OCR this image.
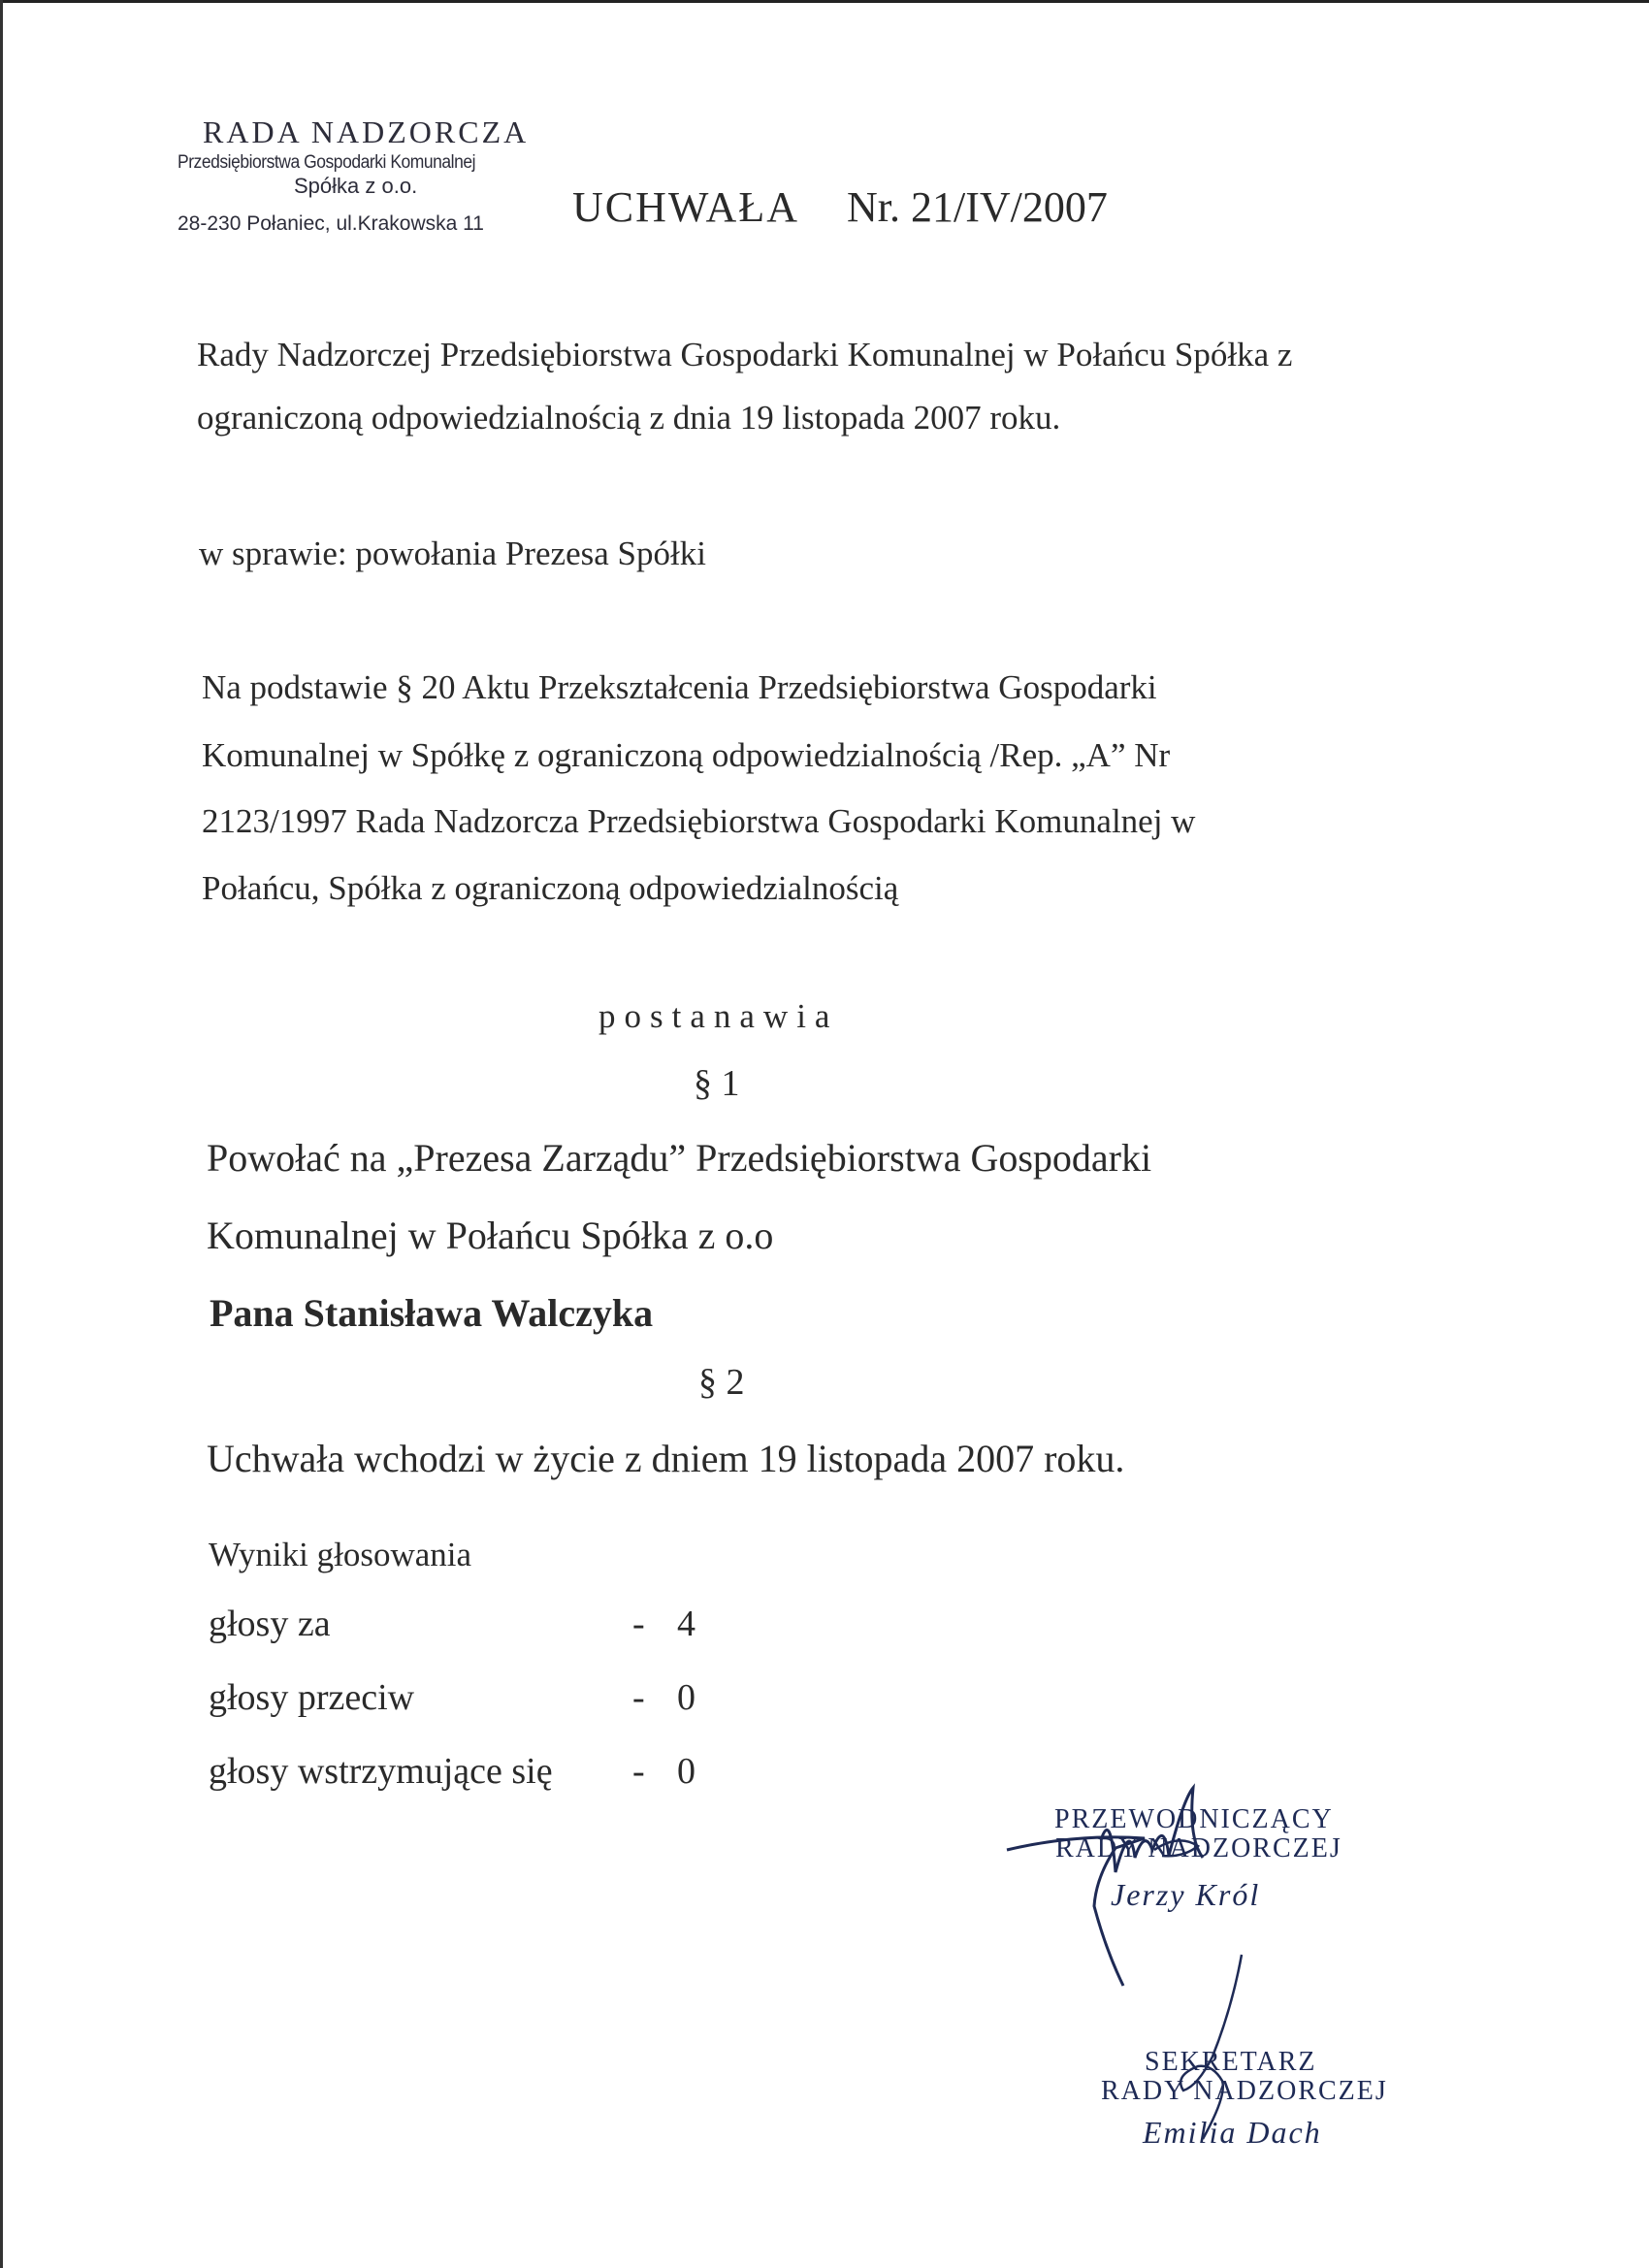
RADA NADZORCZA
Przedsiębiorstwa Gospodarki Komunalnej
Spółka z o.o.
28-230 Połaniec, ul.Krakowska 11	UCHWAŁA Nr. 21/IV/2007
Rady Nadzorczej Przedsiębiorstwa Gospodarki Komunalnej w Połańcu Spółka z
ograniczoną odpowiedzialnością z dnia 19 listopada 2007 roku.
w sprawie: powołania Prezesa Spółki
Na podstawie § 20 Aktu Przekształcenia Przedsiębiorstwa Gospodarki
Komunalnej w Spółkę z ograniczoną odpowiedzialnością /Rep. „A” Nr
2123/1997 Rada Nadzorcza Przedsiębiorstwa Gospodarki Komunalnej w
Połańcu, Spółka z ograniczoną odpowiedzialnością
postanawia
§ 1
Powołać na „Prezesa Zarządu” Przedsiębiorstwa Gospodarki
Komunalnej w Połańcu Spółka z o.o
Pana Stanisława Walczyka
§ 2
Uchwała wchodzi w życie z dniem 19 listopada 2007 roku.
Wyniki głosowania
głosy za	- 4
głosy przeciw	- 0
głosy wstrzymujące się - 0
PRZEWODNICZĄCY
RADY NADZORCZEJ
Jerzy Król
SEKRETARZ
RADY NADZORCZEJ
Emilia Dach
